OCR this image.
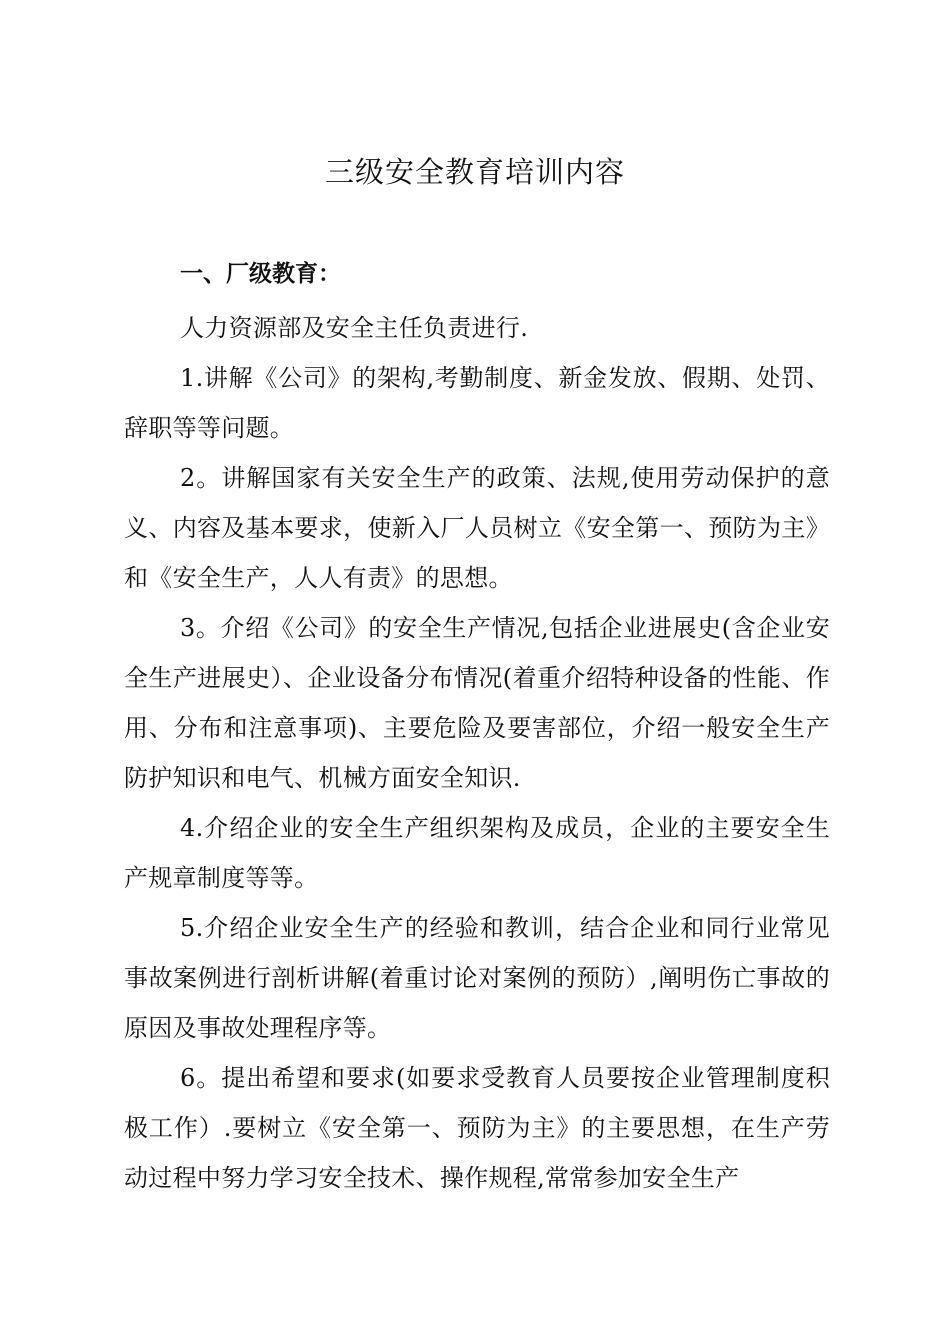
三级安全教育培训内容

一、厂级教育：

人力资源部及安全主任负责进行.

1.讲解《公司》的架构,考勤制度、新金发放、假期、处罚、辞职等等问题。

2。讲解国家有关安全生产的政策、法规,使用劳动保护的意义、内容及基本要求，使新入厂人员树立《安全第一、预防为主》和《安全生产，人人有责》的思想。

3。介绍《公司》的安全生产情况,包括企业进展史(含企业安全生产进展史）、企业设备分布情况(着重介绍特种设备的性能、作用、分布和注意事项)、主要危险及要害部位，介绍一般安全生产防护知识和电气、机械方面安全知识.

4.介绍企业的安全生产组织架构及成员，企业的主要安全生产规章制度等等。

5.介绍企业安全生产的经验和教训，结合企业和同行业常见事故案例进行剖析讲解(着重讨论对案例的预防）,阐明伤亡事故的原因及事故处理程序等。

6。提出希望和要求(如要求受教育人员要按企业管理制度积极工作）.要树立《安全第一、预防为主》的主要思想，在生产劳动过程中努力学习安全技术、操作规程,常常参加安全生产
